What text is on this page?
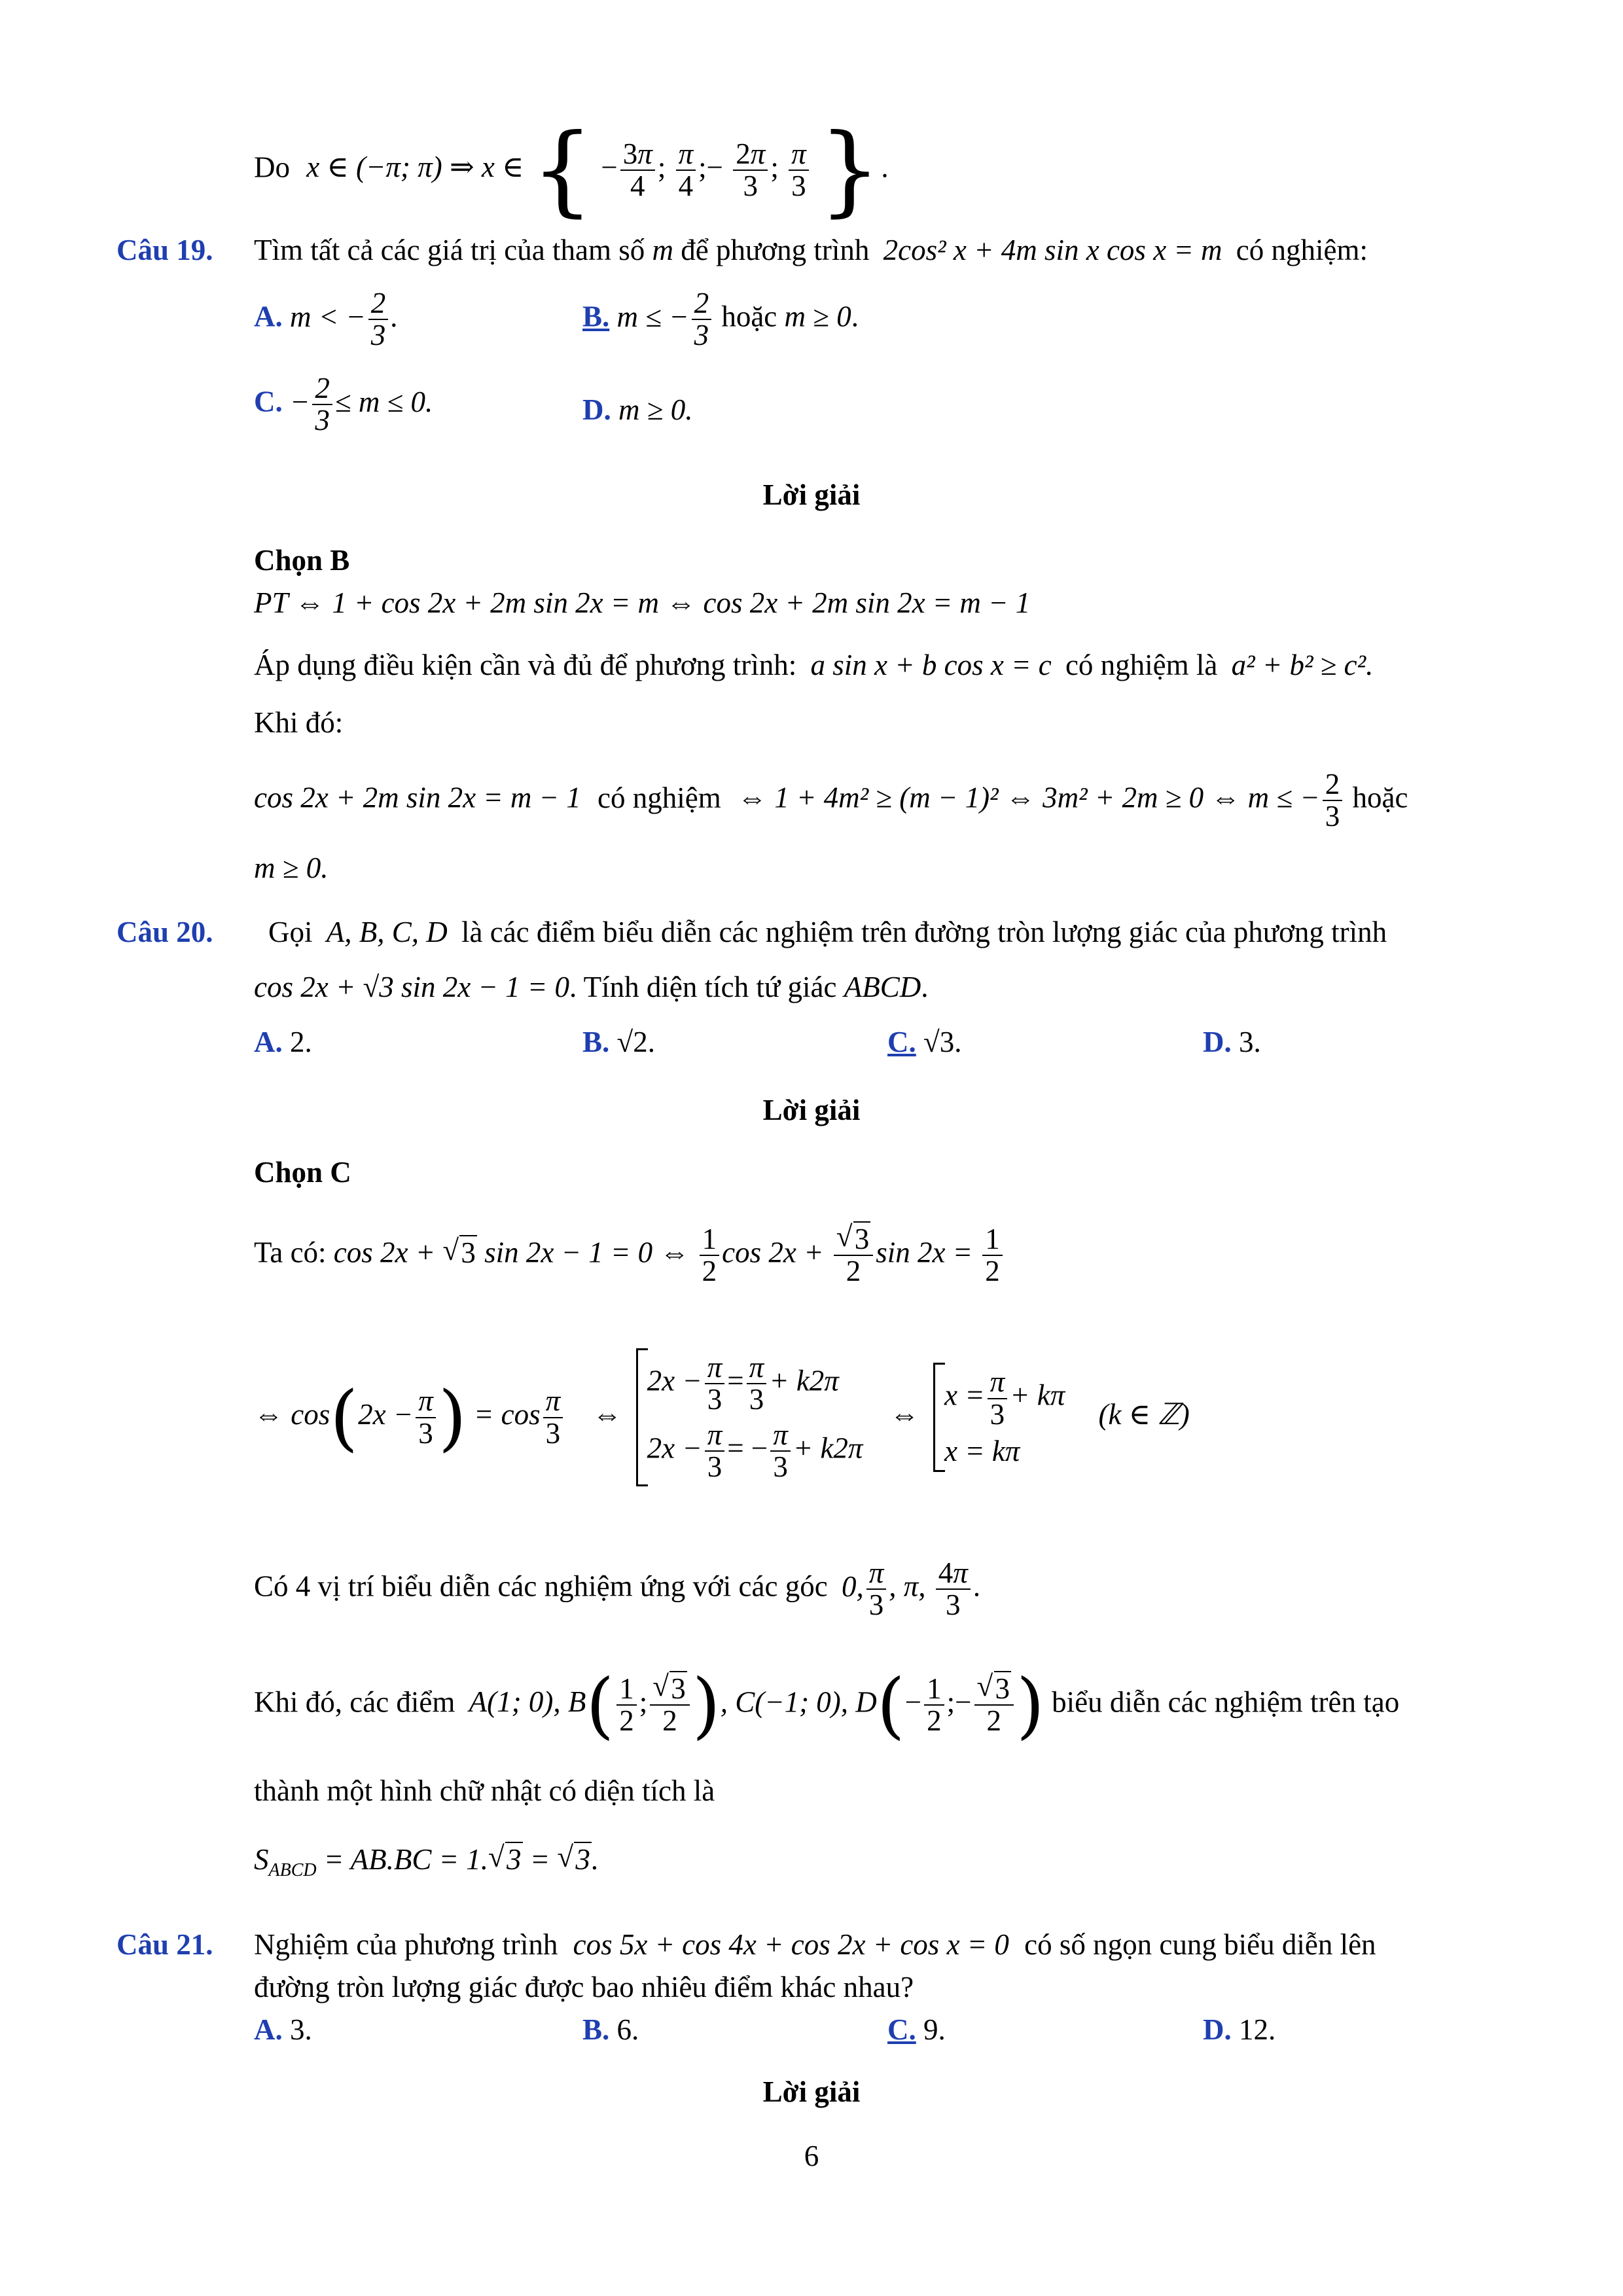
Do x ∈ (−π; π) ⇒ x ∈ { − $\frac{3\pi}{4}$ ; $\frac{\pi}{4}$ ;− $\frac{2\pi}{3}$ ; $\frac{\pi}{3}$ }.
Câu 19. Tìm tất cả các giá trị của tham số m để phương trình 2cos² x + 4m sin x cos x = m có nghiệm:
A. m < − $\frac{2}{3}$ .	B. m ≤ − $\frac{2}{3}$ hoặc m ≥ 0.
C. − $\frac{2}{3} \le m \le 0$.	D. m ≥ 0.
Lời giải
Chọn B
PT ⇔ 1 + cos 2x + 2m sin 2x = m ⇔ cos 2x + 2m sin 2x = m − 1
Áp dụng điều kiện cần và đủ để phương trình: a sin x + b cos x = c có nghiệm là a² + b² ≥ c².
Khi đó:
cos 2x + 2m sin 2x = m − 1 có nghiệm ⇔ 1 + 4m² ≥ (m − 1)² ⇔ 3m² + 2m ≥ 0 ⇔ m ≤ − $\frac{2}{3}$ hoặc
m ≥ 0.
Câu 20. Gọi A, B, C, D là các điểm biểu diễn các nghiệm trên đường tròn lượng giác của phương trình
cos 2x + √3 sin 2x − 1 = 0. Tính diện tích tứ giác ABCD.
A. 2.	B. √2.	C. √3.	D. 3.
Lời giải
Chọn C
Ta có: cos 2x + √ 3 sin 2x − 1 = 0 ⇔ $\frac{1}{2}$ cos 2x +
√ $\frac{3}{2}$ $\sin 2x = \frac{1}{2}$
⇔ $\cos(2x - \frac{\pi}{3}$ ) = $\cos \frac{\pi}{3}$ ⇔
$2x - \frac{\pi}{3} = \frac{\pi}{3} + k2\pi$
$2x - \frac{\pi}{3}$ = − $\frac{\pi}{3} + k2\pi$
⇔
$x = \frac{\pi}{3} + k\pi$
x = kπ
(k ∈ ℤ)
Có 4 vị trí biểu diễn các nghiệm ứng với các góc 0, $\frac{\pi}{3}$ , π, $\frac{4\pi}{3}$ .
Khi đó, các điểm A(1; 0), $B( \frac{1}{2}$ ;
√ $\frac{3}{2}$ ), C(−1; 0), $D(- \frac{1}{2}$ ;−
√ $\frac{3}{2}$ ) biểu diễn các nghiệm trên tạo
thành một hình chữ nhật có diện tích là
$S_{ABCD} = AB.BC = 1.√$ 3 = √ 3.
Câu 21. Nghiệm của phương trình cos 5x + cos 4x + cos 2x + cos x = 0 có số ngọn cung biểu diễn lên
đường tròn lượng giác được bao nhiêu điểm khác nhau?
A. 3.	B. 6.	C. 9.	D. 12.
Lời giải
6
